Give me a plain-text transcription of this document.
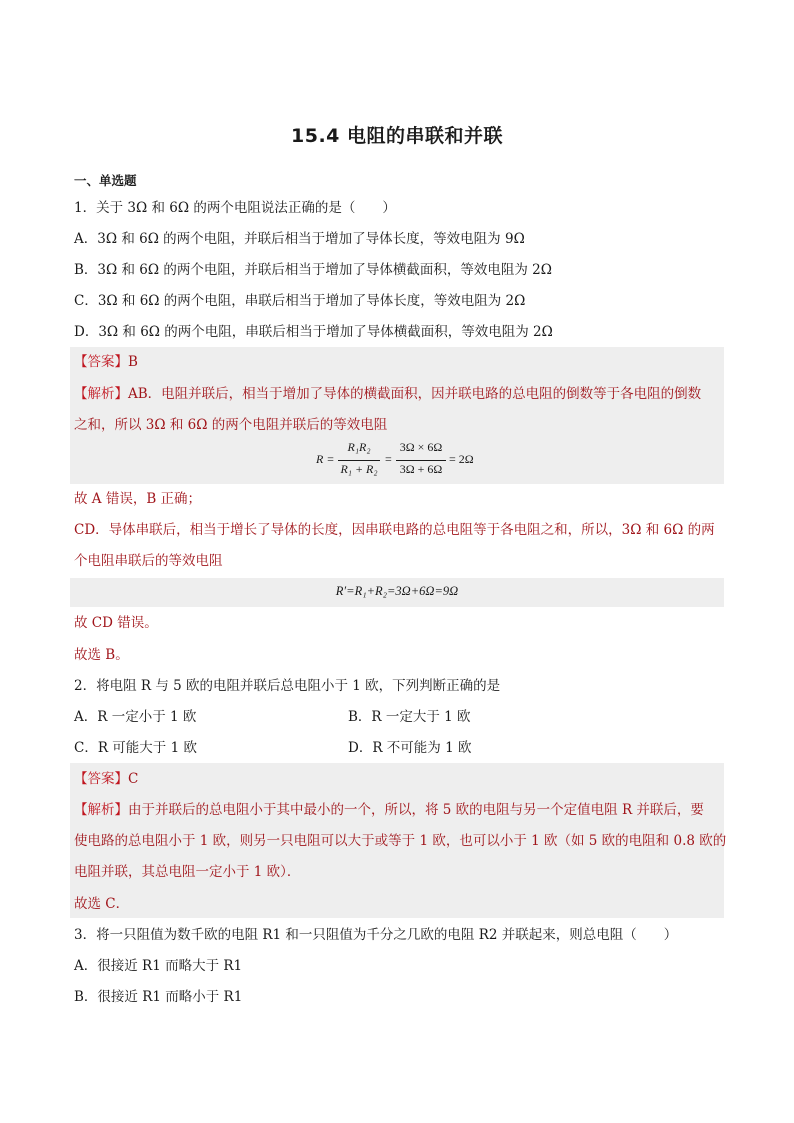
15.4 电阻的串联和并联
一、单选题
1．关于 3Ω 和 6Ω 的两个电阻说法正确的是（　　）
A．3Ω 和 6Ω 的两个电阻，并联后相当于增加了导体长度，等效电阻为 9Ω
B．3Ω 和 6Ω 的两个电阻，并联后相当于增加了导体横截面积，等效电阻为 2Ω
C．3Ω 和 6Ω 的两个电阻，串联后相当于增加了导体长度，等效电阻为 2Ω
D．3Ω 和 6Ω 的两个电阻，串联后相当于增加了导体横截面积，等效电阻为 2Ω
【答案】B
【解析】AB．电阻并联后，相当于增加了导体的横截面积，因并联电路的总电阻的倒数等于各电阻的倒数
之和，所以 3Ω 和 6Ω 的两个电阻并联后的等效电阻
R =
R₁R₂
R₁ + R₂
=
3Ω × 6Ω
3Ω + 6Ω
= 2Ω
故 A 错误，B 正确；
CD．导体串联后，相当于增长了导体的长度，因串联电路的总电阻等于各电阻之和，所以，3Ω 和 6Ω 的两
个电阻串联后的等效电阻
R′=R₁+R₂=3Ω+6Ω=9Ω
故 CD 错误。
故选 B。
2．将电阻 R 与 5 欧的电阻并联后总电阻小于 1 欧，下列判断正确的是
A．R 一定小于 1 欧	B．R 一定大于 1 欧
C．R 可能大于 1 欧	D．R 不可能为 1 欧
【答案】C
【解析】由于并联后的总电阻小于其中最小的一个，所以，将 5 欧的电阻与另一个定值电阻 R 并联后，要
使电路的总电阻小于 1 欧，则另一只电阻可以大于或等于 1 欧，也可以小于 1 欧（如 5 欧的电阻和 0.8 欧的
电阻并联，其总电阻一定小于 1 欧）．
故选 C．
3．将一只阻值为数千欧的电阻 R1 和一只阻值为千分之几欧的电阻 R2 并联起来，则总电阻（　　）
A．很接近 R1 而略大于 R1
B．很接近 R1 而略小于 R1
